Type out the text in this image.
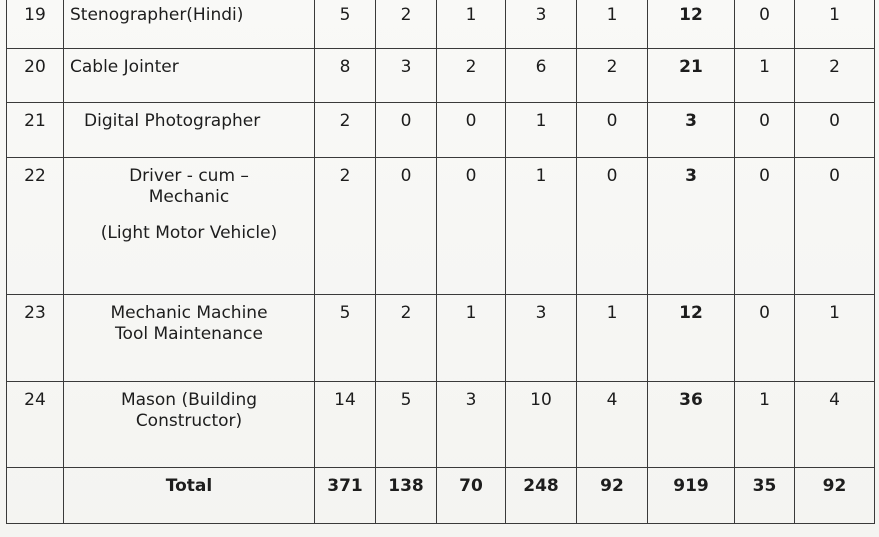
19	Stenographer(Hindi)	5	2	1	3	1	12	0	1
20	Cable Jointer	8	3	2	6	2	21	1	2
21	Digital Photographer	2	0	0	1	0	3	0	0
22	Driver - cum –
Mechanic
(Light Motor Vehicle)	2	0	0	1	0	3	0	0
23	Mechanic Machine
Tool Maintenance	5	2	1	3	1	12	0	1
24	Mason (Building
Constructor)	14	5	3	10	4	36	1	4
	Total	371	138	70	248	92	919	35	92
